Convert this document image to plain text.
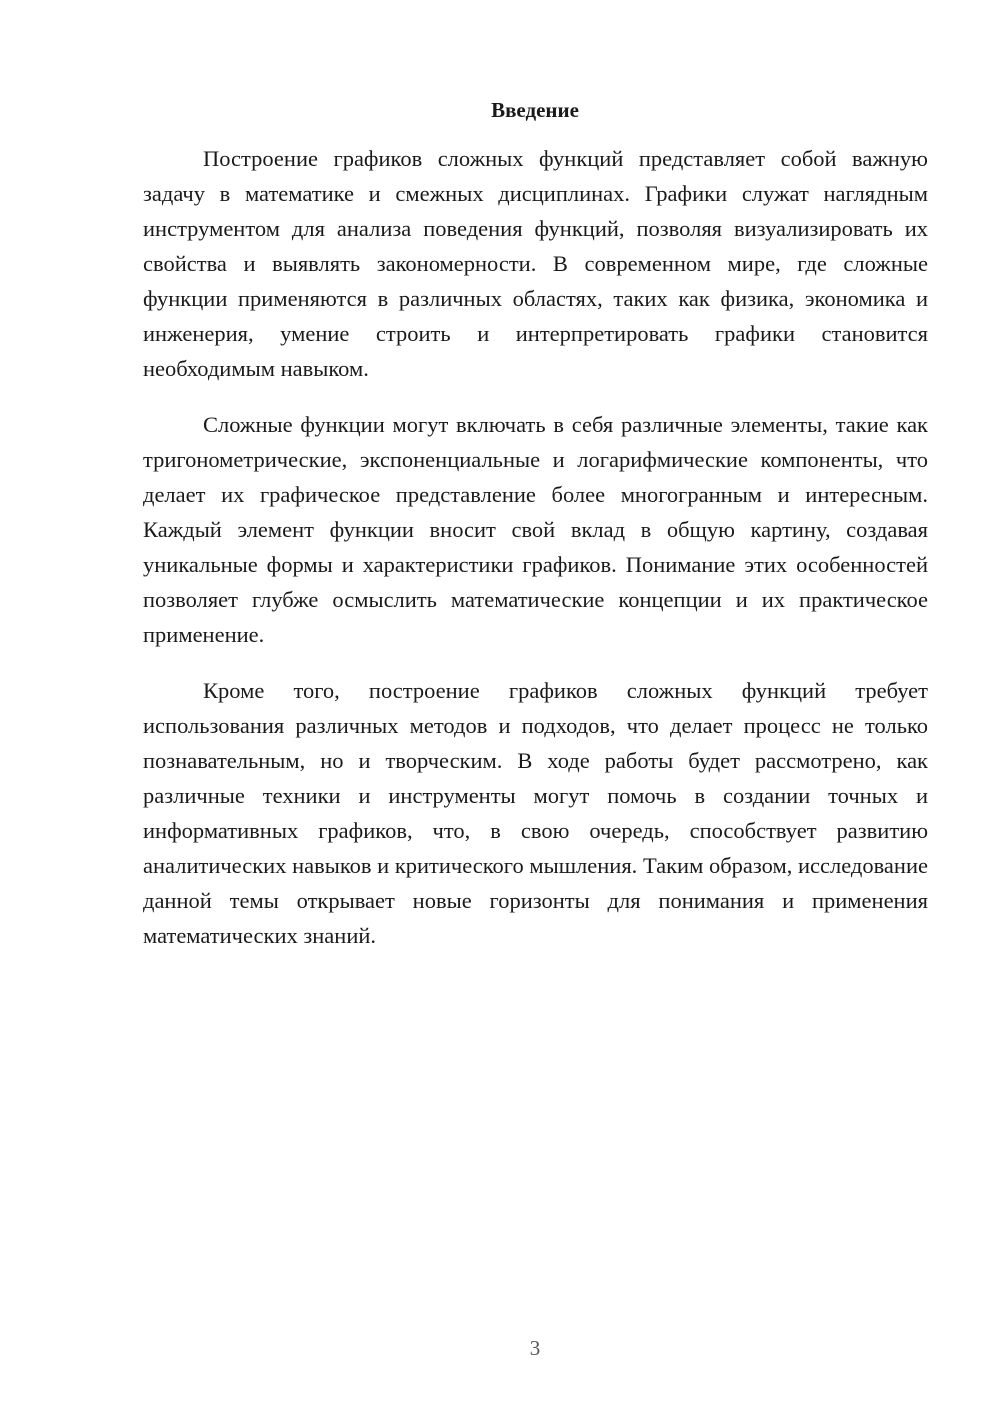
Введение

Построение графиков сложных функций представляет собой важную задачу в математике и смежных дисциплинах. Графики служат наглядным инструментом для анализа поведения функций, позволяя визуализировать их свойства и выявлять закономерности. В современном мире, где сложные функции применяются в различных областях, таких как физика, экономика и инженерия, умение строить и интерпретировать графики становится необходимым навыком.

Сложные функции могут включать в себя различные элементы, такие как тригонометрические, экспоненциальные и логарифмические компоненты, что делает их графическое представление более многогранным и интересным. Каждый элемент функции вносит свой вклад в общую картину, создавая уникальные формы и характеристики графиков. Понимание этих особенностей позволяет глубже осмыслить математические концепции и их практическое применение.

Кроме того, построение графиков сложных функций требует использования различных методов и подходов, что делает процесс не только познавательным, но и творческим. В ходе работы будет рассмотрено, как различные техники и инструменты могут помочь в создании точных и информативных графиков, что, в свою очередь, способствует развитию аналитических навыков и критического мышления. Таким образом, исследование данной темы открывает новые горизонты для понимания и применения математических знаний.

3
